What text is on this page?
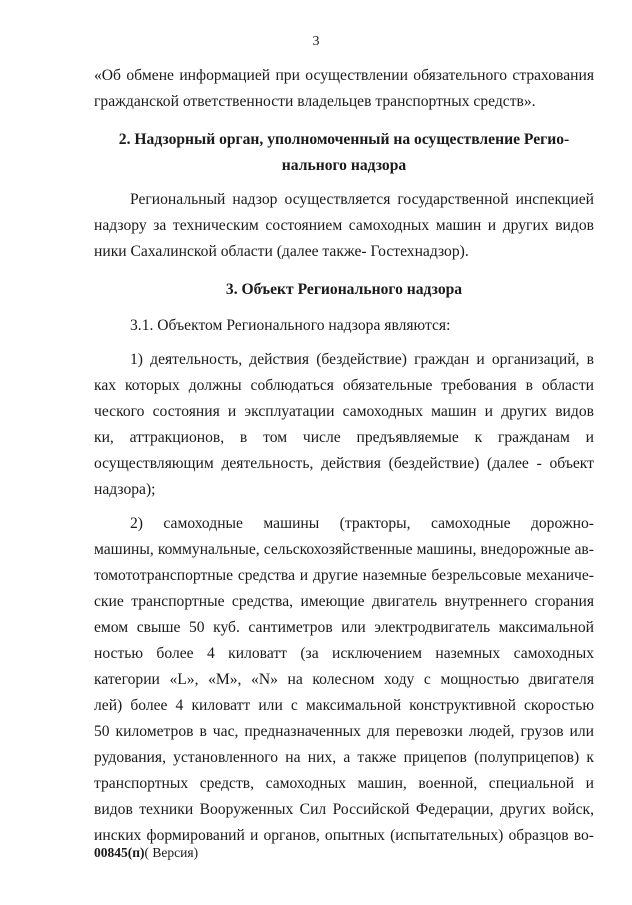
3
«Об обмене информацией при осуществлении обязательного страхования
гражданской ответственности владельцев транспортных средств».
2. Надзорный орган, уполномоченный на осуществление Регио-
нального надзора
Региональный надзор осуществляется государственной инспекцией
надзору за техническим состоянием самоходных машин и других видов
ники Сахалинской области (далее также- Гостехнадзор).
3. Объект Регионального надзора
3.1. Объектом Регионального надзора являются:
1) деятельность, действия (бездействие) граждан и организаций, в
ках которых должны соблюдаться обязательные требования в области
ческого состояния и эксплуатации самоходных машин и других видов
ки, аттракционов, в том числе предъявляемые к гражданам и
осуществляющим деятельность, действия (бездействие) (далее - объект
надзора);
2) самоходные машины (тракторы, самоходные дорожно-
машины, коммунальные, сельскохозяйственные машины, внедорожные ав-
томототранспортные средства и другие наземные безрельсовые механиче-
ские транспортные средства, имеющие двигатель внутреннего сгорания
емом свыше 50 куб. сантиметров или электродвигатель максимальной
ностью более 4 киловатт (за исключением наземных самоходных
категории «L», «M», «N» на колесном ходу с мощностью двигателя
лей) более 4 киловатт или с максимальной конструктивной скоростью
50 километров в час, предназначенных для перевозки людей, грузов или
рудования, установленного на них, а также прицепов (полуприцепов) к
транспортных средств, самоходных машин, военной, специальной и
видов техники Вооруженных Сил Российской Федерации, других войск,
инских формирований и органов, опытных (испытательных) образцов во-
00845(п)( Версия)
